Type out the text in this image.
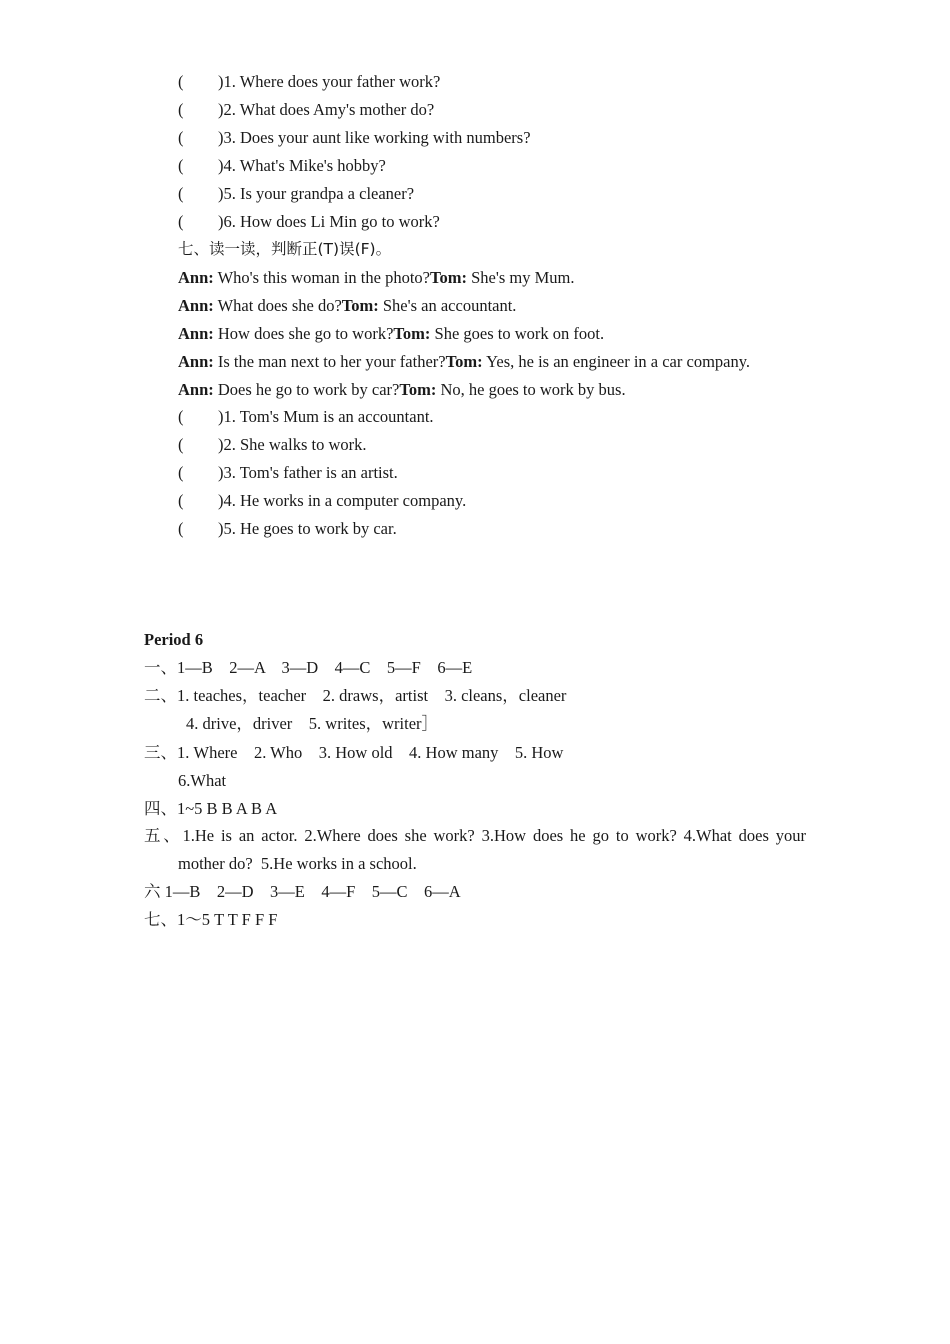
( )1. Where does your father work?
( )2. What does Amy's mother do?
( )3. Does your aunt like working with numbers?
( )4. What's Mike's hobby?
( )5. Is your grandpa a cleaner?
( )6. How does Li Min go to work?
七、读一读，判断正(T)误(F)。
Ann: Who's this woman in the photo?Tom: She's my Mum.
Ann: What does she do?Tom: She's an accountant.
Ann: How does she go to work?Tom: She goes to work on foot.
Ann: Is the man next to her your father?Tom: Yes, he is an engineer in a car company.
Ann: Does he go to work by car?Tom: No, he goes to work by bus.
( )1. Tom's Mum is an accountant.
( )2. She walks to work.
( )3. Tom's father is an artist.
( )4. He works in a computer company.
( )5. He goes to work by car.
Period 6
一、1—B　2—A　3—D　4—C　5—F　6—E
二、1. teaches，teacher　2. draws，artist　3. cleans，cleaner
4. drive，driver　5. writes，writer］
三、1. Where　2. Who　3. How old　4. How many　5. How
6.What
四、1~5 B B A B A
五、1.He is an actor. 2.Where does she work? 3.How does he go to work? 4.What does your
mother do?  5.He works in a school.
六 1—B　2—D　3—E　4—F　5—C　6—A
七、1～5 T T F F F
